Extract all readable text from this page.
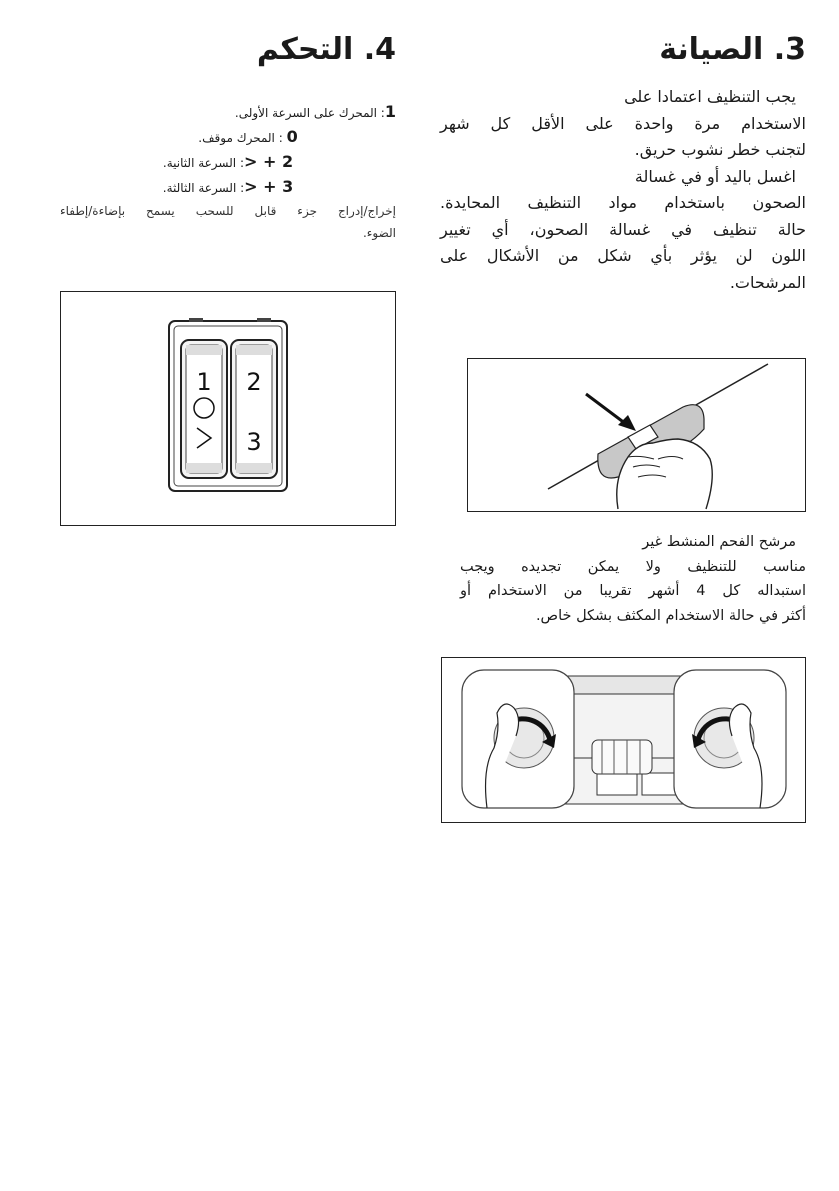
3. الصيانة
يجب التنظيف اعتمادا على
الاستخدام مرة واحدة على الأقل كل شهر
لتجنب خطر نشوب حريق.
اغسل باليد أو في غسالة
الصحون باستخدام مواد التنظيف المحايدة.
حالة تنظيف في غسالة الصحون، أي تغيير
اللون لن يؤثر بأي شكل من الأشكال على
المرشحات.
مرشح الفحم المنشط غير
مناسب للتنظيف ولا يمكن تجديده ويجب
استبداله كل 4 أشهر تقريبا من الاستخدام أو
أكثر في حالة الاستخدام المكثف بشكل خاص.
4. التحكم
1: المحرك على السرعة الأولى.
0 : المحرك موقف.
> + 2: السرعة الثانية.
> + 3: السرعة الثالثة.
إخراج/إدراج جزء قابل للسحب يسمح بإضاءة/إطفاء
الضوء.
1 2
3
